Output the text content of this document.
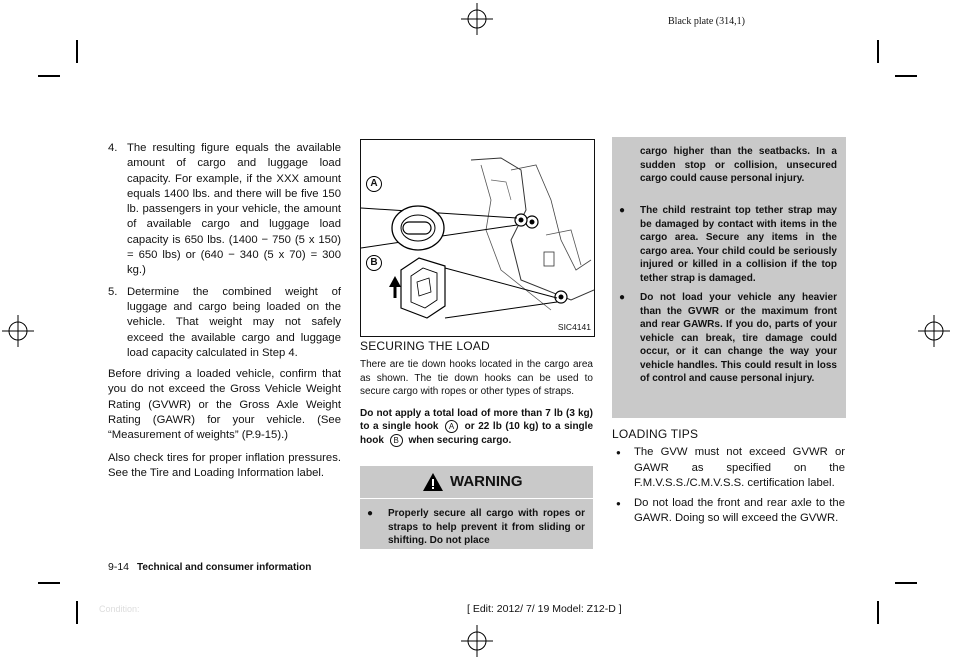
Black plate (314,1)
4. The resulting figure equals the available amount of cargo and luggage load capacity. For example, if the XXX amount equals 1400 lbs. and there will be five 150 lb. passengers in your vehicle, the amount of available cargo and luggage load capacity is 650 lbs. (1400 − 750 (5 x 150) = 650 lbs) or (640 − 340 (5 x 70) = 300 kg.)
5. Determine the combined weight of luggage and cargo being loaded on the vehicle. That weight may not safely exceed the available cargo and luggage load capacity calculated in Step 4.

Before driving a loaded vehicle, confirm that you do not exceed the Gross Vehicle Weight Rating (GVWR) or the Gross Axle Weight Rating (GAWR) for your vehicle. (See “Measurement of weights” (P.9-15).)

Also check tires for proper inflation pressures. See the Tire and Loading Information label.

A
B
SIC4141
SECURING THE LOAD
There are tie down hooks located in the cargo area as shown. The tie down hooks can be used to secure cargo with ropes or other types of straps.
Do not apply a total load of more than 7 lb (3 kg) to a single hook A or 22 lb (10 kg) to a single hook B when securing cargo.
WARNING
● Properly secure all cargo with ropes or straps to help prevent it from sliding or shifting. Do not place
cargo higher than the seatbacks. In a sudden stop or collision, unsecured cargo could cause personal injury.
● The child restraint top tether strap may be damaged by contact with items in the cargo area. Secure any items in the cargo area. Your child could be seriously injured or killed in a collision if the top tether strap is damaged.
● Do not load your vehicle any heavier than the GVWR or the maximum front and rear GAWRs. If you do, parts of your vehicle can break, tire damage could occur, or it can change the way your vehicle handles. This could result in loss of control and cause personal injury.
LOADING TIPS
● The GVW must not exceed GVWR or GAWR as specified on the F.M.V.S.S./C.M.V.S.S. certification label.
● Do not load the front and rear axle to the GAWR. Doing so will exceed the GVWR.
9-14 Technical and consumer information
Condition:	[ Edit: 2012/ 7/ 19 Model: Z12-D ]
